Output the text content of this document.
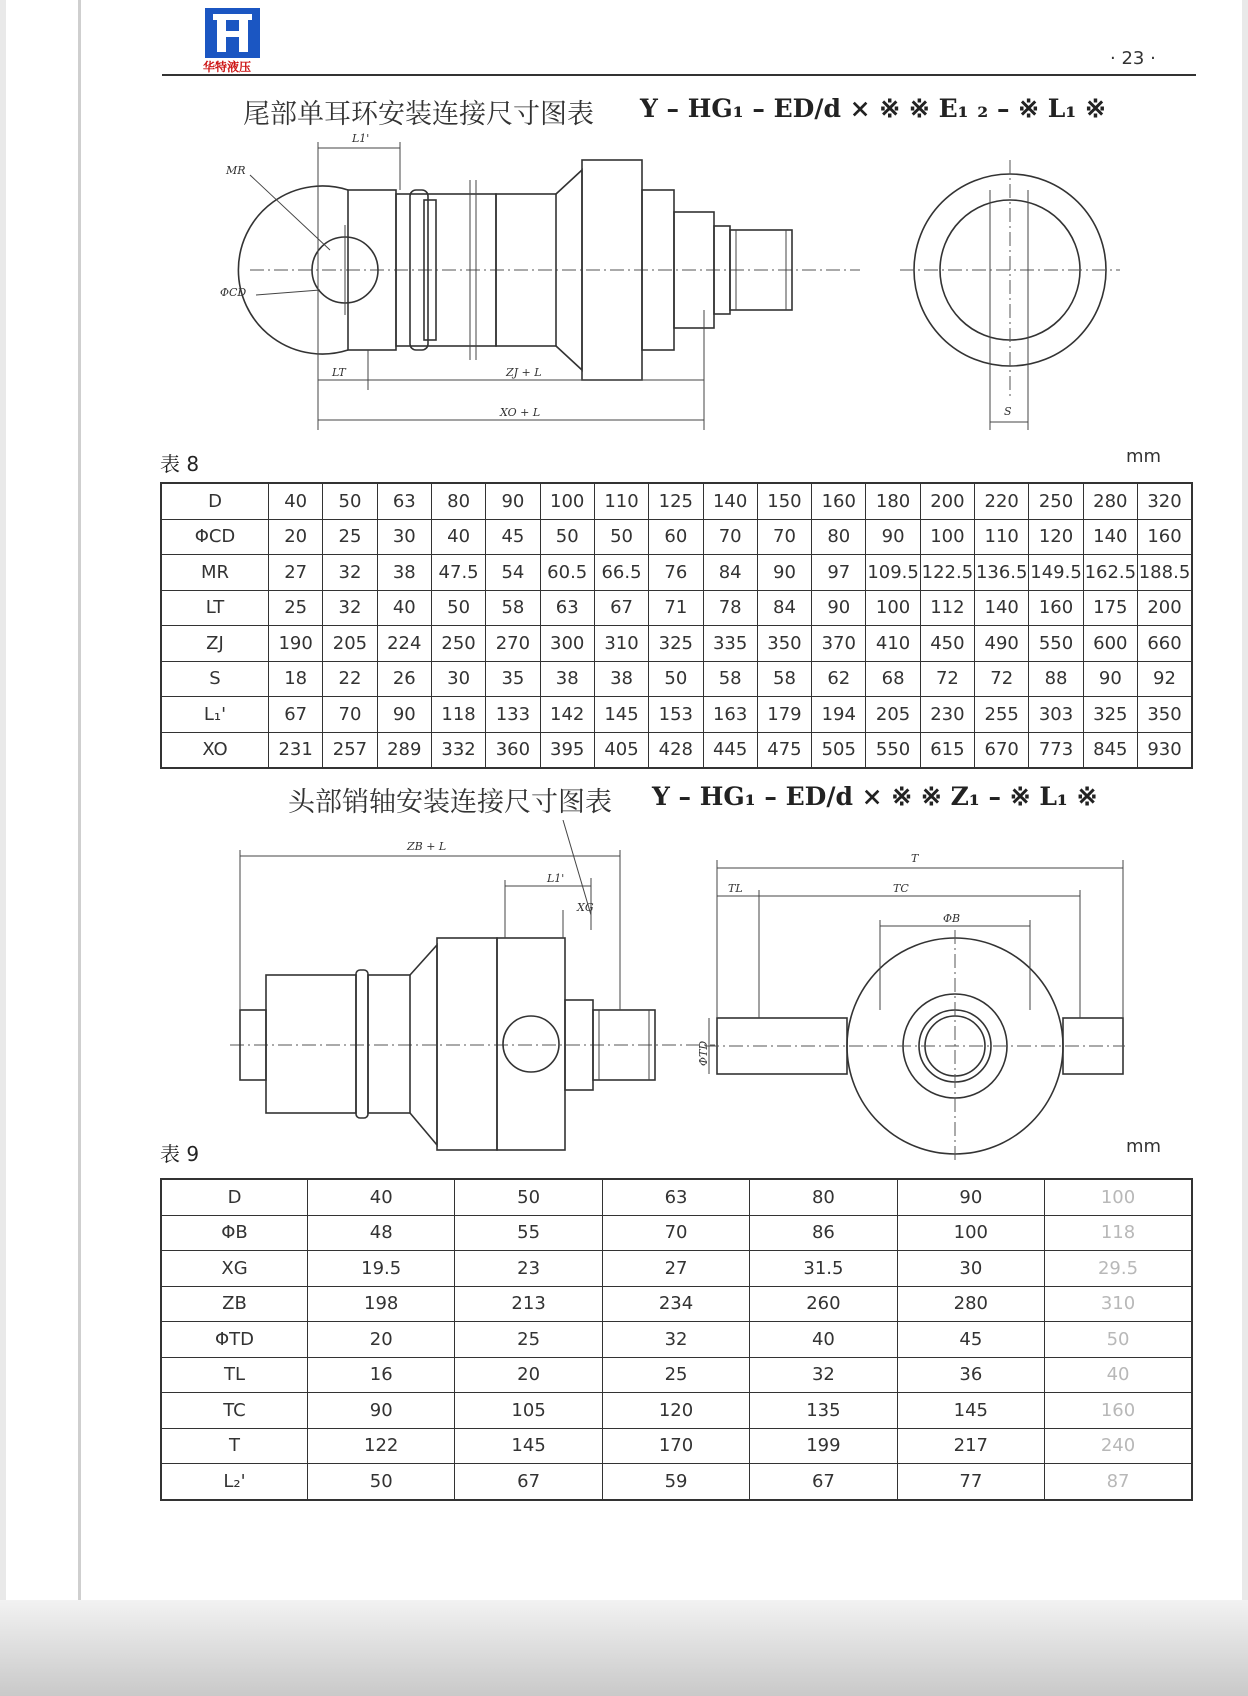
华特液压	· 23 ·
尾部单耳环安装连接尺寸图表 Y – HG₁ – ED/d × ※ ※ E₁ ₂ – ※ L₁ ※
L1'
MR
ΦCD
LT	ZJ + L
XO + L	S
表 8	mm
D	40	50	63	80	90	100	110	125	140	150	160	180	200	220	250	280	320
ΦCD	20	25	30	40	45	50	50	60	70	70	80	90	100	110	120	140	160
MR	27	32	38	47.5	54	60.5	66.5	76	84	90	97	109.5	122.5	136.5	149.5	162.5	188.5
LT	25	32	40	50	58	63	67	71	78	84	90	100	112	140	160	175	200
ZJ	190	205	224	250	270	300	310	325	335	350	370	410	450	490	550	600	660
S	18	22	26	30	35	38	38	50	58	58	62	68	72	72	88	90	92
L₁'	67	70	90	118	133	142	145	153	163	179	194	205	230	255	303	325	350
XO	231	257	289	332	360	395	405	428	445	475	505	550	615	670	773	845	930
头部销轴安装连接尺寸图表 Y – HG₁ – ED/d × ※ ※ Z₁ – ※ L₁ ※
ZB + L
L1'
XG
T
TL	TC
ΦB
ΦTD
表 9	mm
D	40	50	63	80	90	100
ΦB	48	55	70	86	100	118
XG	19.5	23	27	31.5	30	29.5
ZB	198	213	234	260	280	310
ΦTD	20	25	32	40	45	50
TL	16	20	25	32	36	40
TC	90	105	120	135	145	160
T	122	145	170	199	217	240
L₂'	50	67	59	67	77	87
